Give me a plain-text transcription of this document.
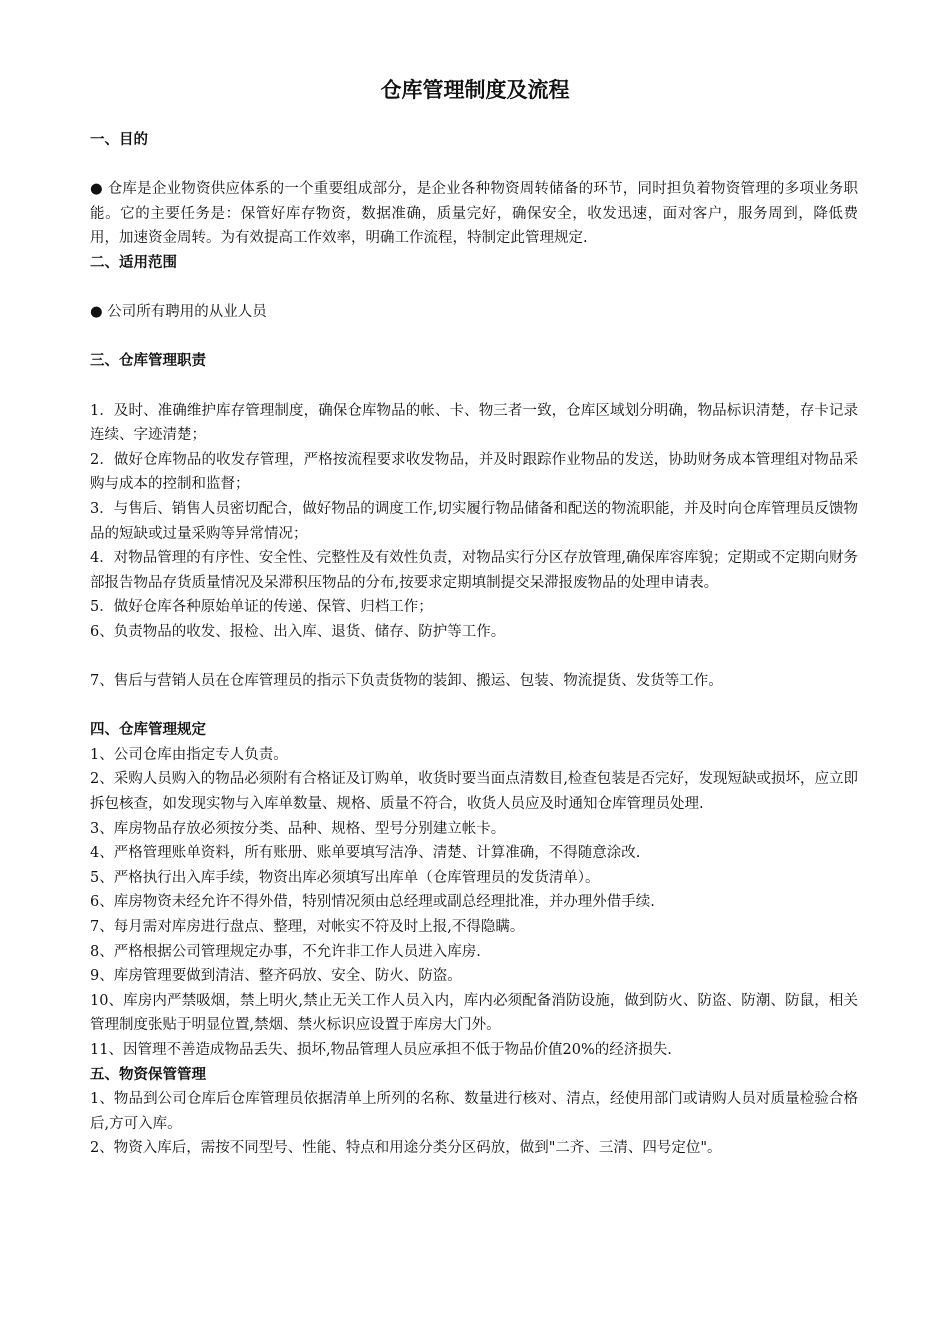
仓库管理制度及流程

一、目的

● 仓库是企业物资供应体系的一个重要组成部分，是企业各种物资周转储备的环节，同时担负着物资管理的多项业务职能。它的主要任务是：保管好库存物资，数据准确，质量完好，确保安全，收发迅速，面对客户，服务周到，降低费用，加速资金周转。为有效提高工作效率，明确工作流程，特制定此管理规定.

二、适用范围

● 公司所有聘用的从业人员

三、仓库管理职责

1．及时、准确维护库存管理制度，确保仓库物品的帐、卡、物三者一致，仓库区域划分明确，物品标识清楚，存卡记录连续、字迹清楚；

2．做好仓库物品的收发存管理，严格按流程要求收发物品，并及时跟踪作业物品的发送，协助财务成本管理组对物品采购与成本的控制和监督；

3．与售后、销售人员密切配合，做好物品的调度工作,切实履行物品储备和配送的物流职能，并及时向仓库管理员反馈物品的短缺或过量采购等异常情况；

4．对物品管理的有序性、安全性、完整性及有效性负责，对物品实行分区存放管理,确保库容库貌；定期或不定期向财务部报告物品存货质量情况及呆滞积压物品的分布,按要求定期填制提交呆滞报废物品的处理申请表。

5．做好仓库各种原始单证的传递、保管、归档工作；

6、负责物品的收发、报检、出入库、退货、储存、防护等工作。

7、售后与营销人员在仓库管理员的指示下负责货物的装卸、搬运、包装、物流提货、发货等工作。

四、仓库管理规定

1、公司仓库由指定专人负责。

2、采购人员购入的物品必须附有合格证及订购单，收货时要当面点清数目,检查包装是否完好，发现短缺或损坏，应立即拆包核查，如发现实物与入库单数量、规格、质量不符合，收货人员应及时通知仓库管理员处理.

3、库房物品存放必须按分类、品种、规格、型号分别建立帐卡。

4、严格管理账单资料，所有账册、账单要填写洁净、清楚、计算准确，不得随意涂改.

5、严格执行出入库手续，物资出库必须填写出库单（仓库管理员的发货清单）。

6、库房物资未经允许不得外借，特别情况须由总经理或副总经理批准，并办理外借手续.

7、每月需对库房进行盘点、整理，对帐实不符及时上报,不得隐瞒。

8、严格根据公司管理规定办事，不允许非工作人员进入库房.

9、库房管理要做到清洁、整齐码放、安全、防火、防盗。

10、库房内严禁吸烟，禁上明火,禁止无关工作人员入内，库内必须配备消防设施，做到防火、防盗、防潮、防鼠，相关管理制度张贴于明显位置,禁烟、禁火标识应设置于库房大门外。

11、因管理不善造成物品丢失、损坏,物品管理人员应承担不低于物品价值20%的经济损失.

五、物资保管管理

1、物品到公司仓库后仓库管理员依据清单上所列的名称、数量进行核对、清点，经使用部门或请购人员对质量检验合格后,方可入库。

2、物资入库后，需按不同型号、性能、特点和用途分类分区码放，做到"二齐、三清、四号定位"。
